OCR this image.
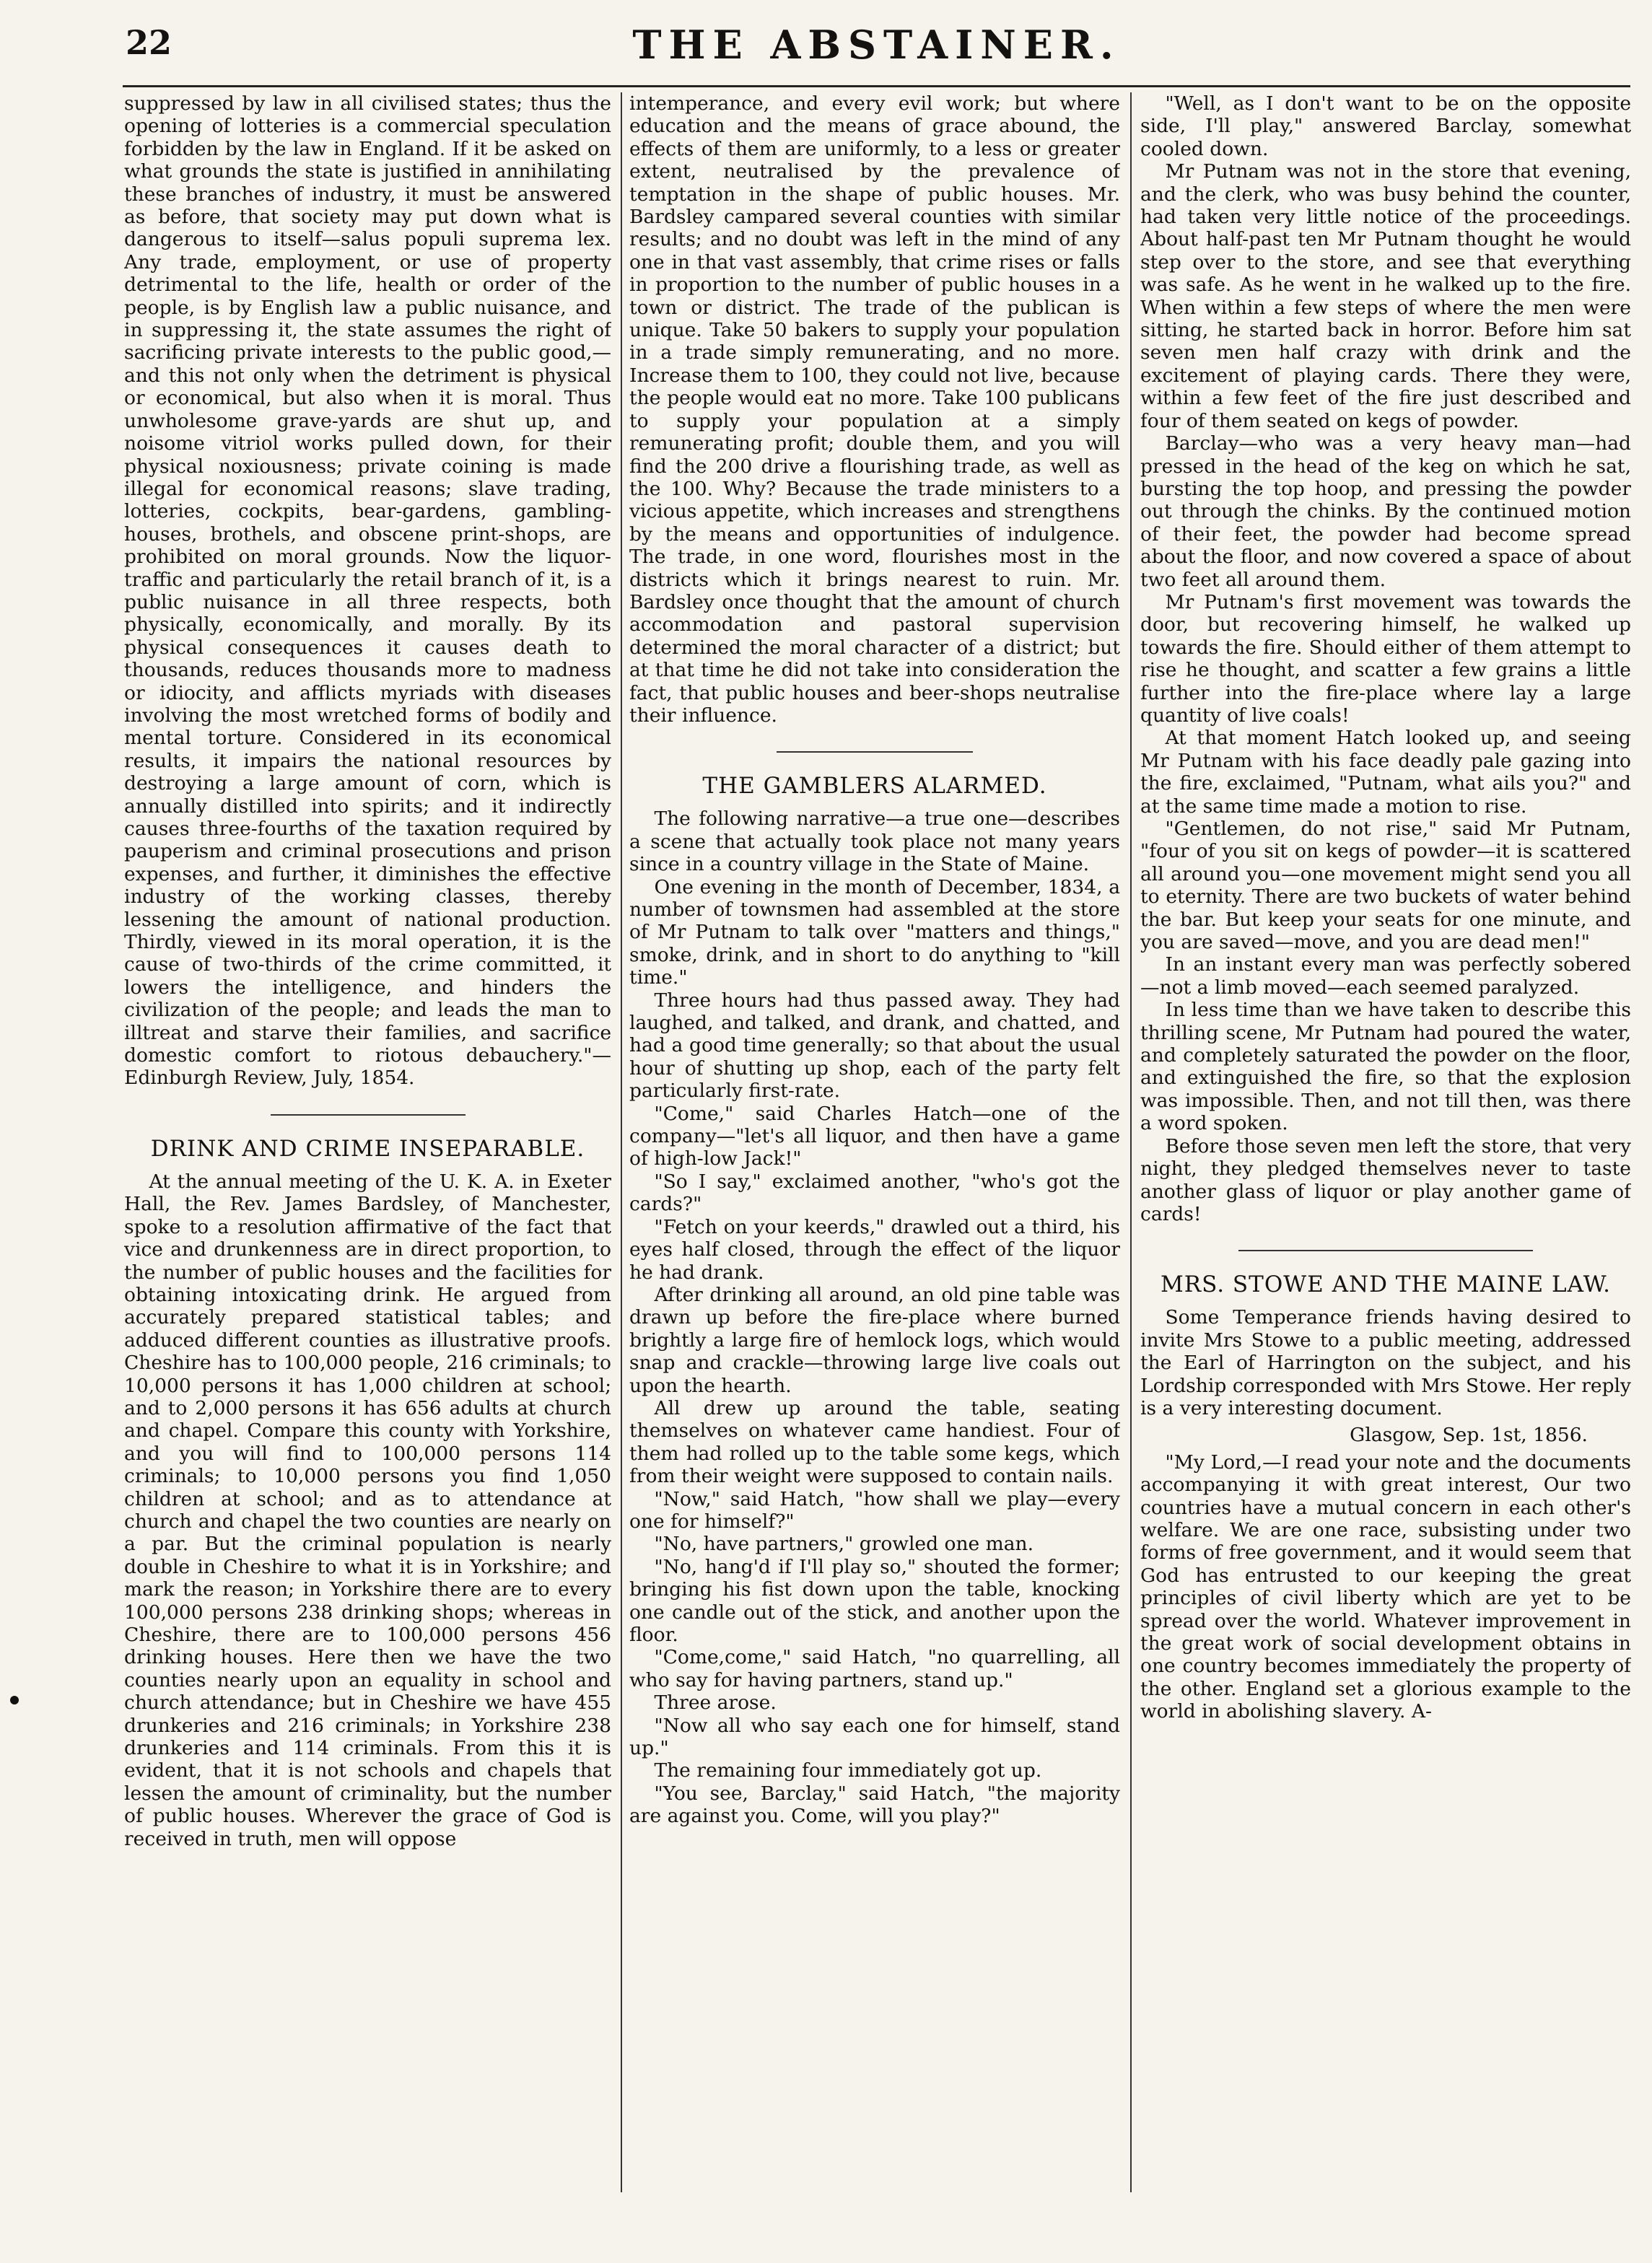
22	THE ABSTAINER.

suppressed by law in all civilised states; thus the opening of lotteries is a commercial speculation forbidden by the law in England. If it be asked on what grounds the state is justified in annihilating these branches of industry, it must be answered as before, that society may put down what is dangerous to itself—salus populi suprema lex. Any trade, employment, or use of property detrimental to the life, health or order of the people, is by English law a public nuisance, and in suppressing it, the state assumes the right of sacrificing private interests to the public good,—and this not only when the detriment is physical or economical, but also when it is moral. Thus unwholesome grave-yards are shut up, and noisome vitriol works pulled down, for their physical noxiousness; private coining is made illegal for economical reasons; slave trading, lotteries, cockpits, bear-gardens, gambling-houses, brothels, and obscene print-shops, are prohibited on moral grounds. Now the liquor-traffic and particularly the retail branch of it, is a public nuisance in all three respects, both physically, economically, and morally. By its physical consequences it causes death to thousands, reduces thousands more to madness or idiocity, and afflicts myriads with diseases involving the most wretched forms of bodily and mental torture. Considered in its economical results, it impairs the national resources by destroying a large amount of corn, which is annually distilled into spirits; and it indirectly causes three-fourths of the taxation required by pauperism and criminal prosecutions and prison expenses, and further, it diminishes the effective industry of the working classes, thereby lessening the amount of national production. Thirdly, viewed in its moral operation, it is the cause of two-thirds of the crime committed, it lowers the intelligence, and hinders the civilization of the people; and leads the man to illtreat and starve their families, and sacrifice domestic comfort to riotous debauchery."—Edinburgh Review, July, 1854.

DRINK AND CRIME INSEPARABLE.

At the annual meeting of the U. K. A. in Exeter Hall, the Rev. James Bardsley, of Manchester, spoke to a resolution affirmative of the fact that vice and drunkenness are in direct proportion, to the number of public houses and the facilities for obtaining intoxicating drink. He argued from accurately prepared statistical tables; and adduced different counties as illustrative proofs. Cheshire has to 100,000 people, 216 criminals; to 10,000 persons it has 1,000 children at school; and to 2,000 persons it has 656 adults at church and chapel. Compare this county with Yorkshire, and you will find to 100,000 persons 114 criminals; to 10,000 persons you find 1,050 children at school; and as to attendance at church and chapel the two counties are nearly on a par. But the criminal population is nearly double in Cheshire to what it is in Yorkshire; and mark the reason; in Yorkshire there are to every 100,000 persons 238 drinking shops; whereas in Cheshire, there are to 100,000 persons 456 drinking houses. Here then we have the two counties nearly upon an equality in school and church attendance; but in Cheshire we have 455 drunkeries and 216 criminals; in Yorkshire 238 drunkeries and 114 criminals. From this it is evident, that it is not schools and chapels that lessen the amount of criminality, but the number of public houses. Wherever the grace of God is received in truth, men will oppose

intemperance, and every evil work; but where education and the means of grace abound, the effects of them are uniformly, to a less or greater extent, neutralised by the prevalence of temptation in the shape of public houses. Mr. Bardsley campared several counties with similar results; and no doubt was left in the mind of any one in that vast assembly, that crime rises or falls in proportion to the number of public houses in a town or district. The trade of the publican is unique. Take 50 bakers to supply your population in a trade simply remunerating, and no more. Increase them to 100, they could not live, because the people would eat no more. Take 100 publicans to supply your population at a simply remunerating profit; double them, and you will find the 200 drive a flourishing trade, as well as the 100. Why? Because the trade ministers to a vicious appetite, which increases and strengthens by the means and opportunities of indulgence. The trade, in one word, flourishes most in the districts which it brings nearest to ruin. Mr. Bardsley once thought that the amount of church accommodation and pastoral supervision determined the moral character of a district; but at that time he did not take into consideration the fact, that public houses and beer-shops neutralise their influence.

THE GAMBLERS ALARMED.

The following narrative—a true one—describes a scene that actually took place not many years since in a country village in the State of Maine.

One evening in the month of December, 1834, a number of townsmen had assembled at the store of Mr Putnam to talk over "matters and things," smoke, drink, and in short to do anything to "kill time."

Three hours had thus passed away. They had laughed, and talked, and drank, and chatted, and had a good time generally; so that about the usual hour of shutting up shop, each of the party felt particularly first-rate.

"Come," said Charles Hatch—one of the company—"let's all liquor, and then have a game of high-low Jack!"

"So I say," exclaimed another, "who's got the cards?"

"Fetch on your keerds," drawled out a third, his eyes half closed, through the effect of the liquor he had drank.

After drinking all around, an old pine table was drawn up before the fire-place where burned brightly a large fire of hemlock logs, which would snap and crackle—throwing large live coals out upon the hearth.

All drew up around the table, seating themselves on whatever came handiest. Four of them had rolled up to the table some kegs, which from their weight were supposed to contain nails.

"Now," said Hatch, "how shall we play—every one for himself?"

"No, have partners," growled one man.

"No, hang'd if I'll play so," shouted the former; bringing his fist down upon the table, knocking one candle out of the stick, and another upon the floor.

"Come,come," said Hatch, "no quarrelling, all who say for having partners, stand up."

Three arose.

"Now all who say each one for himself, stand up."

The remaining four immediately got up.

"You see, Barclay," said Hatch, "the majority are against you. Come, will you play?"

"Well, as I don't want to be on the opposite side, I'll play," answered Barclay, somewhat cooled down.

Mr Putnam was not in the store that evening, and the clerk, who was busy behind the counter, had taken very little notice of the proceedings. About half-past ten Mr Putnam thought he would step over to the store, and see that everything was safe. As he went in he walked up to the fire. When within a few steps of where the men were sitting, he started back in horror. Before him sat seven men half crazy with drink and the excitement of playing cards. There they were, within a few feet of the fire just described and four of them seated on kegs of powder.

Barclay—who was a very heavy man—had pressed in the head of the keg on which he sat, bursting the top hoop, and pressing the powder out through the chinks. By the continued motion of their feet, the powder had become spread about the floor, and now covered a space of about two feet all around them.

Mr Putnam's first movement was towards the door, but recovering himself, he walked up towards the fire. Should either of them attempt to rise he thought, and scatter a few grains a little further into the fire-place where lay a large quantity of live coals!

At that moment Hatch looked up, and seeing Mr Putnam with his face deadly pale gazing into the fire, exclaimed, "Putnam, what ails you?" and at the same time made a motion to rise.

"Gentlemen, do not rise," said Mr Putnam, "four of you sit on kegs of powder—it is scattered all around you—one movement might send you all to eternity. There are two buckets of water behind the bar. But keep your seats for one minute, and you are saved—move, and you are dead men!"

In an instant every man was perfectly sobered—not a limb moved—each seemed paralyzed.

In less time than we have taken to describe this thrilling scene, Mr Putnam had poured the water, and completely saturated the powder on the floor, and extinguished the fire, so that the explosion was impossible. Then, and not till then, was there a word spoken.

Before those seven men left the store, that very night, they pledged themselves never to taste another glass of liquor or play another game of cards!

MRS. STOWE AND THE MAINE LAW.

Some Temperance friends having desired to invite Mrs Stowe to a public meeting, addressed the Earl of Harrington on the subject, and his Lordship corresponded with Mrs Stowe. Her reply is a very interesting document.

Glasgow, Sep. 1st, 1856.

"My Lord,—I read your note and the documents accompanying it with great interest, Our two countries have a mutual concern in each other's welfare. We are one race, subsisting under two forms of free government, and it would seem that God has entrusted to our keeping the great principles of civil liberty which are yet to be spread over the world. Whatever improvement in the great work of social development obtains in one country becomes immediately the property of the other. England set a glorious example to the world in abolishing slavery. A-
